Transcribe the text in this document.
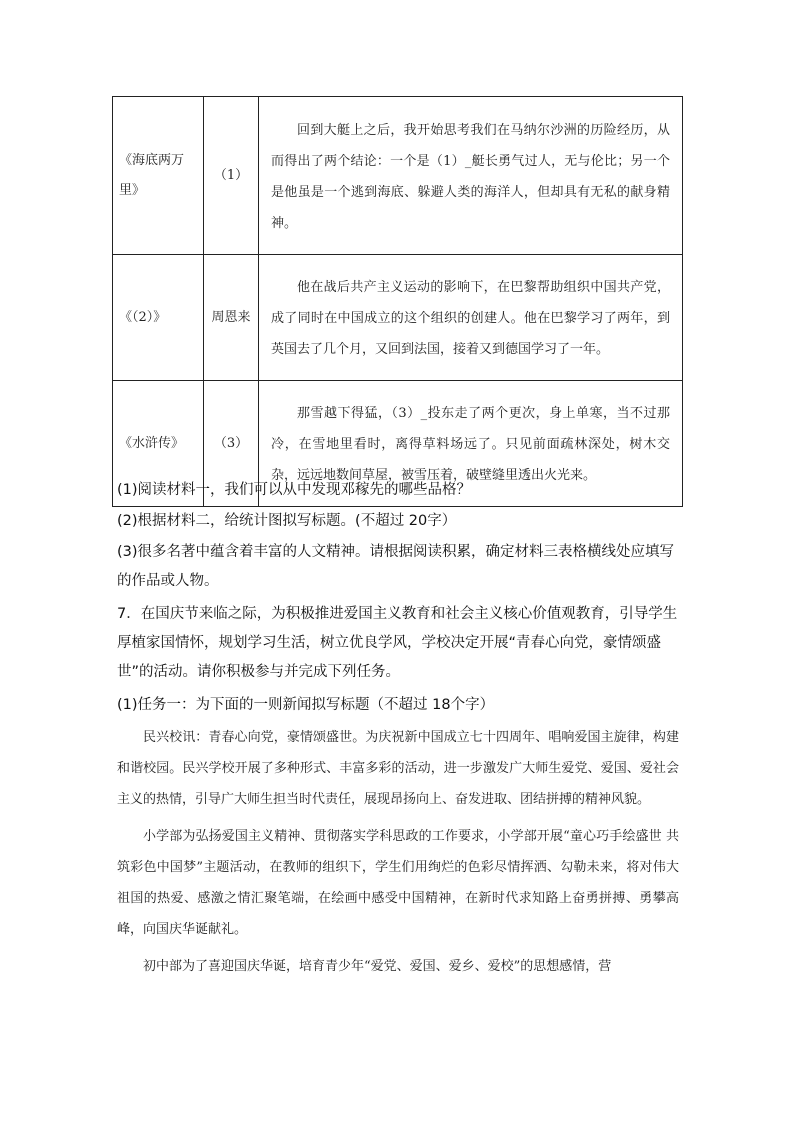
《海底两万里》	（1）	回到大艇上之后，我开始思考我们在马纳尔沙洲的历险经历，从而得出了两个结论：一个是（1）_艇长勇气过人，无与伦比；另一个是他虽是一个逃到海底、躲避人类的海洋人，但却具有无私的献身精神。
《（2）》	周恩来	他在战后共产主义运动的影响下，在巴黎帮助组织中国共产党，成了同时在中国成立的这个组织的创建人。他在巴黎学习了两年，到英国去了几个月，又回到法国，接着又到德国学习了一年。
《水浒传》	（3）	那雪越下得猛，（3）_投东走了两个更次，身上单寒，当不过那冷，在雪地里看时，离得草料场远了。只见前面疏林深处，树木交杂，远远地数间草屋，被雪压着，破壁缝里透出火光来。
(1)阅读材料一，我们可以从中发现邓稼先的哪些品格？
(2)根据材料二，给统计图拟写标题。(不超过 20字）
(3)很多名著中蕴含着丰富的人文精神。请根据阅读积累，确定材料三表格横线处应填写的作品或人物。
7．在国庆节来临之际，为积极推进爱国主义教育和社会主义核心价值观教育，引导学生厚植家国情怀，规划学习生活，树立优良学风，学校决定开展“青春心向党，豪情颂盛世”的活动。请你积极参与并完成下列任务。
(1)任务一：为下面的一则新闻拟写标题（不超过 18个字）

民兴校讯：青春心向党，豪情颂盛世。为庆祝新中国成立七十四周年、唱响爱国主旋律，构建和谐校园。民兴学校开展了多种形式、丰富多彩的活动，进一步激发广大师生爱党、爱国、爱社会主义的热情，引导广大师生担当时代责任，展现昂扬向上、奋发进取、团结拼搏的精神风貌。

小学部为弘扬爱国主义精神、贯彻落实学科思政的工作要求，小学部开展“童心巧手绘盛世 共筑彩色中国梦”主题活动，在教师的组织下，学生们用绚烂的色彩尽情挥洒、勾勒未来，将对伟大祖国的热爱、感激之情汇聚笔端，在绘画中感受中国精神，在新时代求知路上奋勇拼搏、勇攀高峰，向国庆华诞献礼。

初中部为了喜迎国庆华诞，培育青少年“爱党、爱国、爱乡、爱校”的思想感情，营
